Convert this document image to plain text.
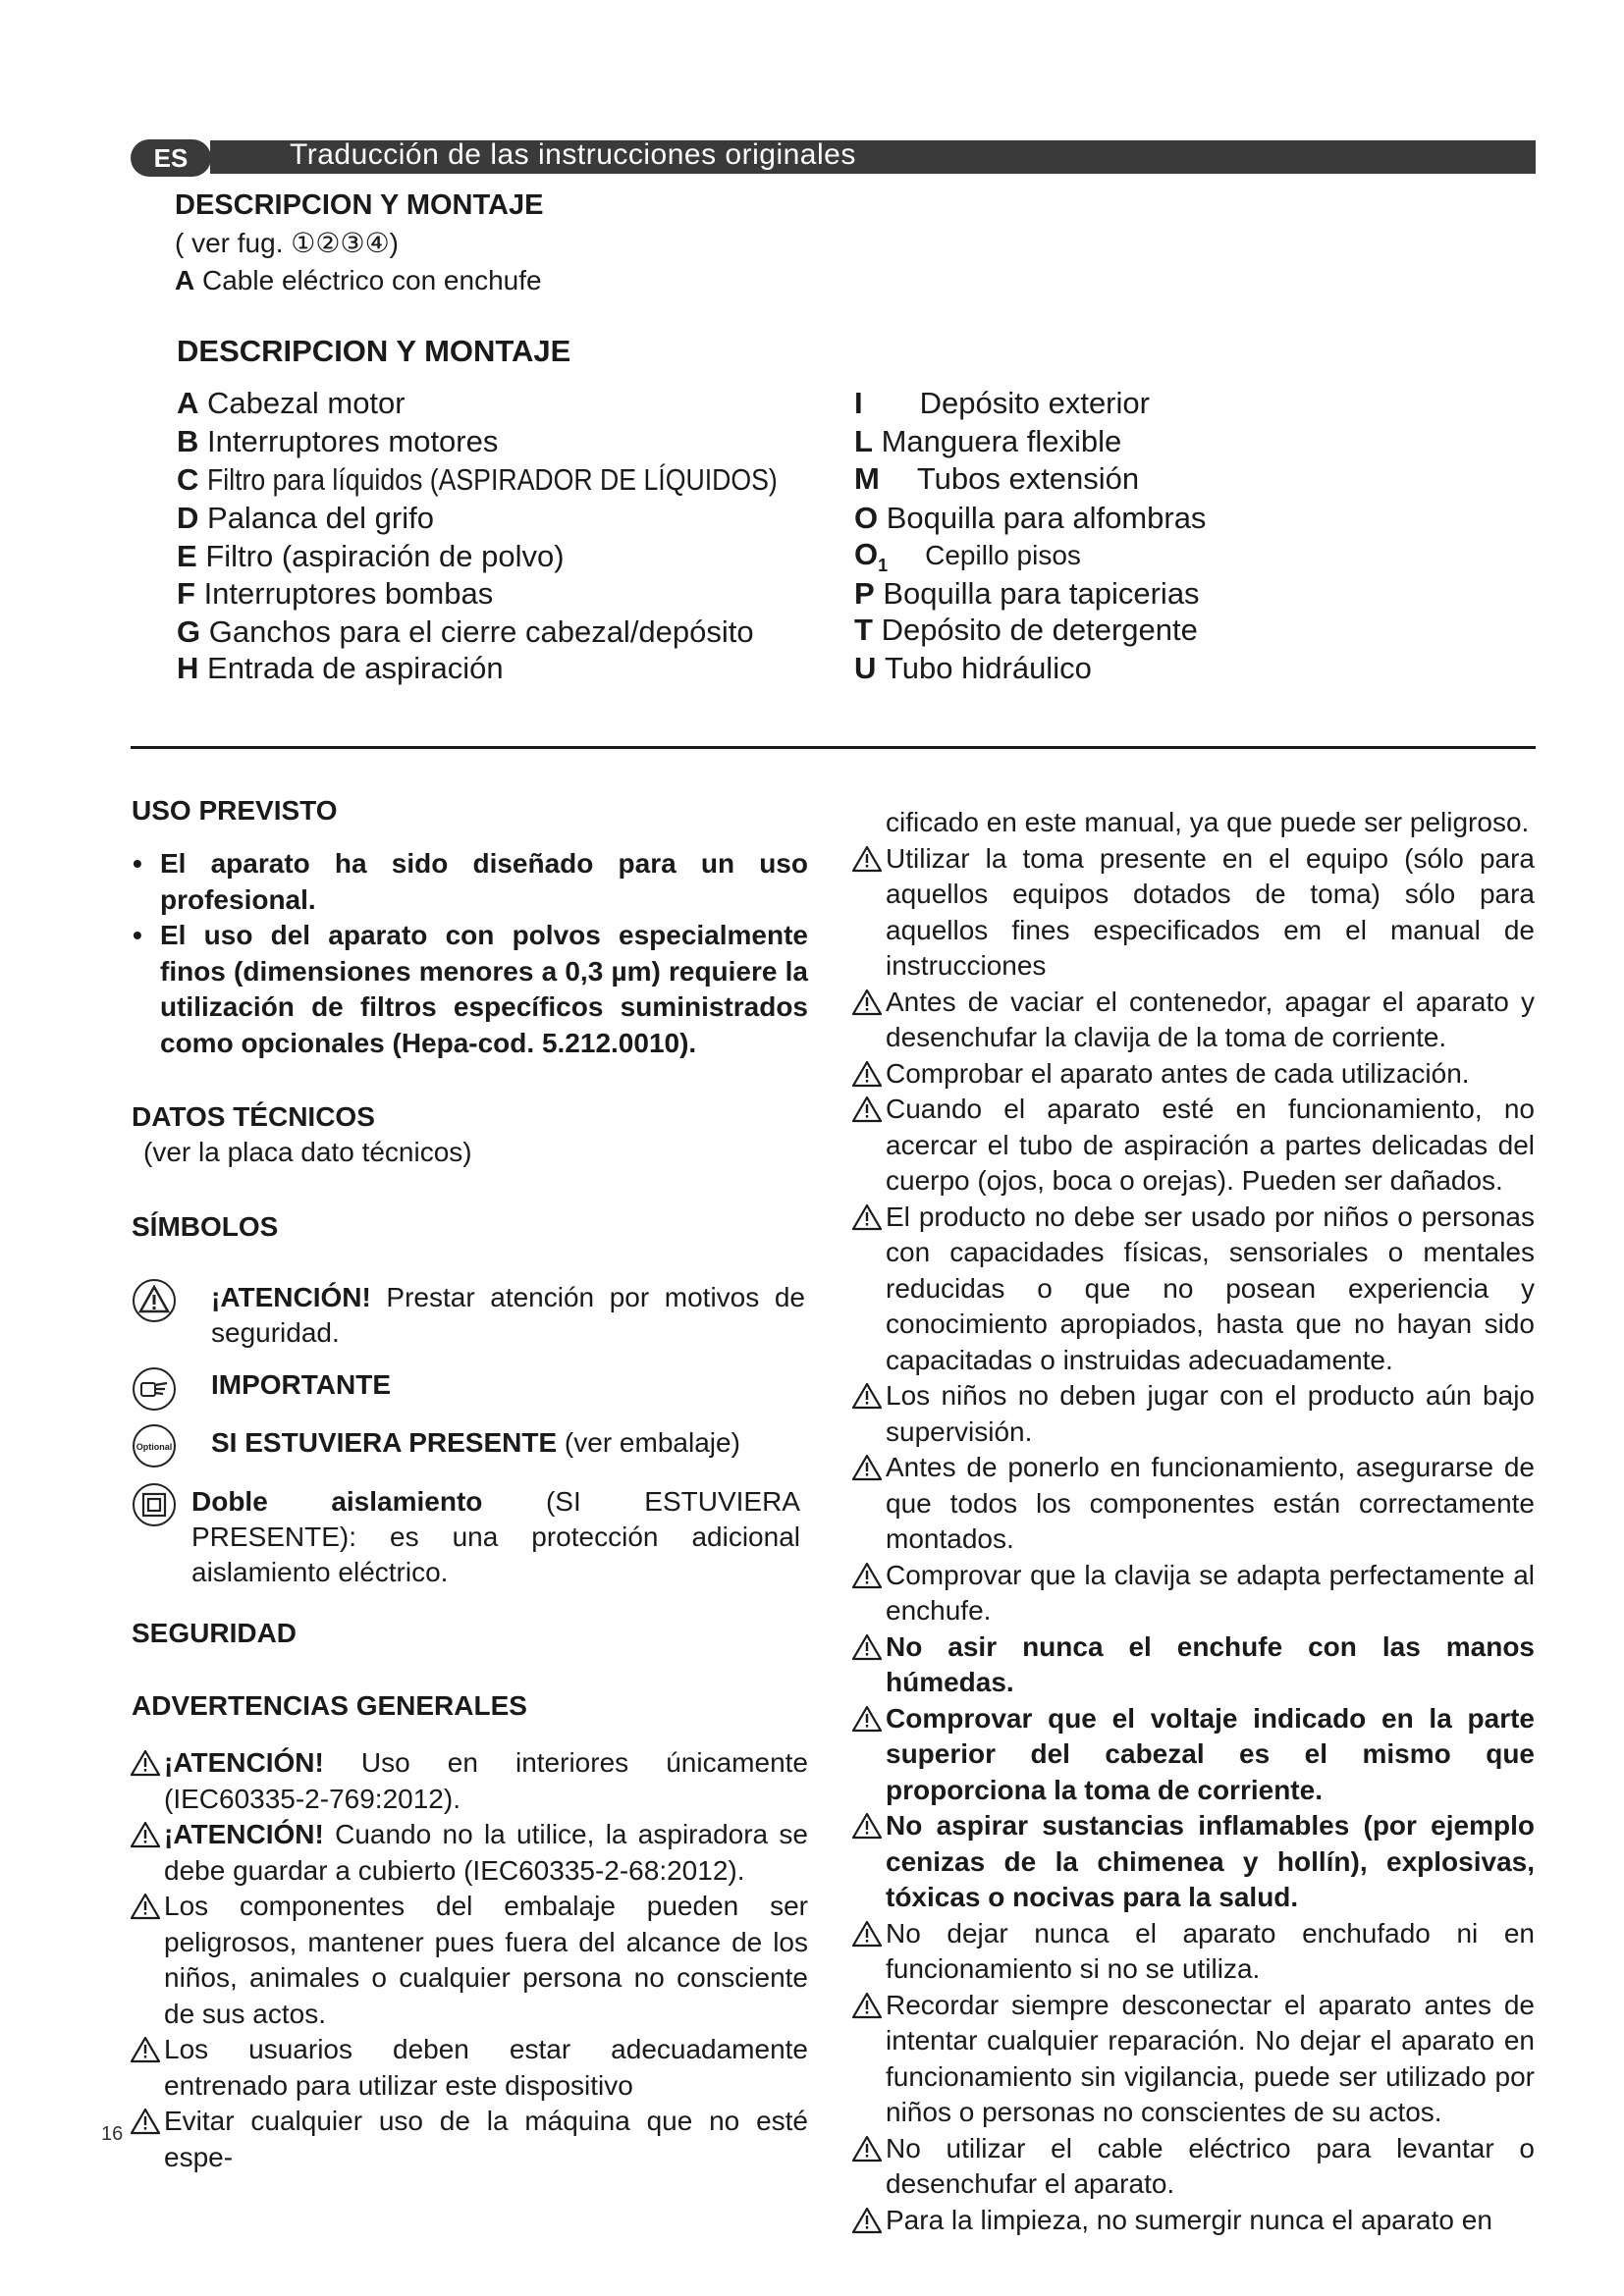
ES	Traducción de las instrucciones originales
DESCRIPCION Y MONTAJE
( ver fug. ①②③④)
A Cable eléctrico con enchufe
DESCRIPCION Y MONTAJE
A Cabezal motor
B Interruptores motores
C Filtro para líquidos (ASPIRADOR DE LÍQUIDOS)
D Palanca del grifo
E Filtro (aspiración de polvo)
F Interruptores bombas
G Ganchos para el cierre cabezal/depósito
H Entrada de aspiración
I Depósito exterior
L Manguera flexible
M Tubos extensión
O Boquilla para alfombras
$O_1$ Cepillo pisos
P Boquilla para tapicerias
T Depósito de detergente
U Tubo hidráulico
USO PREVISTO

• El aparato ha sido diseñado para un uso profesional.

• El uso del aparato con polvos especialmente finos (dimensiones menores a 0,3 µm) requiere la utilización de filtros específicos suministrados como opcionales (Hepa-cod. 5.212.0010).

DATOS TÉCNICOS
(ver la placa dato técnicos)
SÍMBOLOS
¡ATENCIÓN! Prestar atención por motivos de seguridad.
IMPORTANTE
Optional SI ESTUVIERA PRESENTE (ver embalaje)
Doble aislamiento (SI ESTUVIERA PRESENTE): es una protección adicional aislamiento eléctrico.
SEGURIDAD
ADVERTENCIAS GENERALES

¡ATENCIÓN! Uso en interiores únicamente (IEC60335-2-769:2012).

¡ATENCIÓN! Cuando no la utilice, la aspiradora se debe guardar a cubierto (IEC60335-2-68:2012).

Los componentes del embalaje pueden ser peligrosos, mantener pues fuera del alcance de los niños, animales o cualquier persona no consciente de sus actos.

Los usuarios deben estar adecuadamente entrenado para utilizar este dispositivo

Evitar cualquier uso de la máquina que no esté espe-

cificado en este manual, ya que puede ser peligroso.

Utilizar la toma presente en el equipo (sólo para aquellos equipos dotados de toma) sólo para aquellos fines especificados em el manual de instrucciones

Antes de vaciar el contenedor, apagar el aparato y desenchufar la clavija de la toma de corriente.

Comprobar el aparato antes de cada utilización.

Cuando el aparato esté en funcionamiento, no acercar el tubo de aspiración a partes delicadas del cuerpo (ojos, boca o orejas). Pueden ser dañados.

El producto no debe ser usado por niños o personas con capacidades físicas, sensoriales o mentales reducidas o que no posean experiencia y conocimiento apropiados, hasta que no hayan sido capacitadas o instruidas adecuadamente.

Los niños no deben jugar con el producto aún bajo supervisión.

Antes de ponerlo en funcionamiento, asegurarse de que todos los componentes están correctamente montados.

Comprovar que la clavija se adapta perfectamente al enchufe.

No asir nunca el enchufe con las manos húmedas.

Comprovar que el voltaje indicado en la parte superior del cabezal es el mismo que proporciona la toma de corriente.

No aspirar sustancias inflamables (por ejemplo cenizas de la chimenea y hollín), explosivas, tóxicas o nocivas para la salud.

No dejar nunca el aparato enchufado ni en funcionamiento si no se utiliza.

Recordar siempre desconectar el aparato antes de intentar cualquier reparación. No dejar el aparato en funcionamiento sin vigilancia, puede ser utilizado por niños o personas no conscientes de su actos.

No utilizar el cable eléctrico para levantar o desenchufar el aparato.

Para la limpieza, no sumergir nunca el aparato en

16
